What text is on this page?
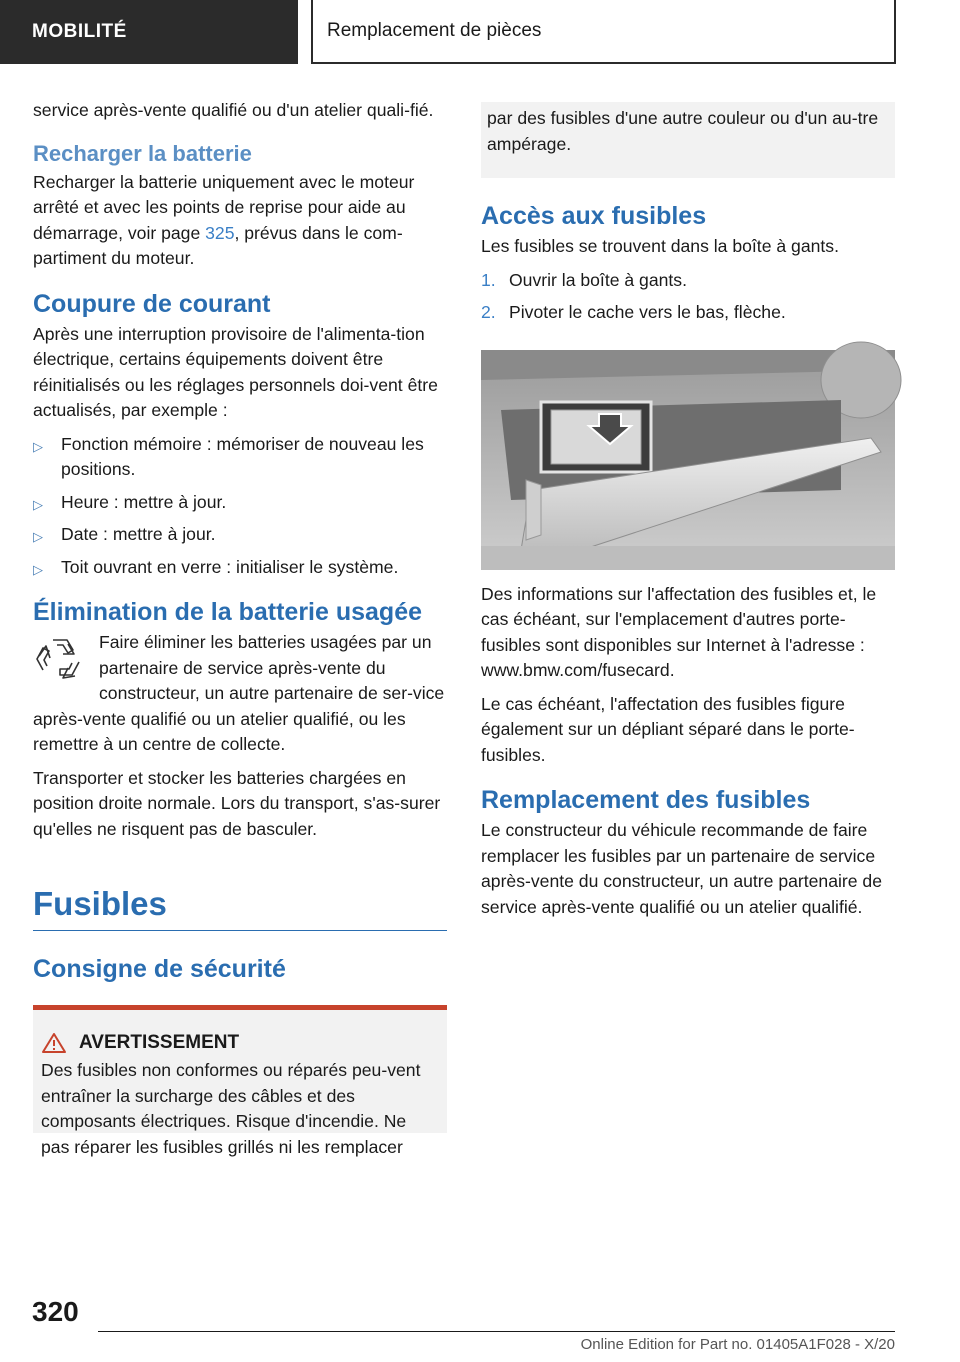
MOBILITÉ	Remplacement de pièces

service après-vente qualifié ou d'un atelier quali-fié.

Recharger la batterie

Recharger la batterie uniquement avec le moteur arrêté et avec les points de reprise pour aide au démarrage, voir page 325, prévus dans le com-partiment du moteur.

Coupure de courant

Après une interruption provisoire de l'alimenta-tion électrique, certains équipements doivent être réinitialisés ou les réglages personnels doi-vent être actualisés, par exemple :

▷ Fonction mémoire : mémoriser de nouveau les positions.
▷ Heure : mettre à jour.
▷ Date : mettre à jour.
▷ Toit ouvrant en verre : initialiser le système.
Élimination de la batterie usagée

Faire éliminer les batteries usagées par un partenaire de service après-vente du constructeur, un autre partenaire de ser-vice après-vente qualifié ou un atelier qualifié, ou les remettre à un centre de collecte.

Transporter et stocker les batteries chargées en position droite normale. Lors du transport, s'as-surer qu'elles ne risquent pas de basculer.

Fusibles
Consigne de sécurité
AVERTISSEMENT

Des fusibles non conformes ou réparés peu-vent entraîner la surcharge des câbles et des composants électriques. Risque d'incendie. Ne pas réparer les fusibles grillés ni les remplacer

par des fusibles d'une autre couleur ou d'un au-tre ampérage.

Accès aux fusibles

Les fusibles se trouvent dans la boîte à gants.

1. Ouvrir la boîte à gants.
2. Pivoter le cache vers le bas, flèche.

Des informations sur l'affectation des fusibles et, le cas échéant, sur l'emplacement d'autres porte-fusibles sont disponibles sur Internet à l'adresse : www.bmw.com/fusecard.

Le cas échéant, l'affectation des fusibles figure également sur un dépliant séparé dans le porte-fusibles.

Remplacement des fusibles

Le constructeur du véhicule recommande de faire remplacer les fusibles par un partenaire de service après-vente du constructeur, un autre partenaire de service après-vente qualifié ou un atelier qualifié.

320
Online Edition for Part no. 01405A1F028 - X/20
